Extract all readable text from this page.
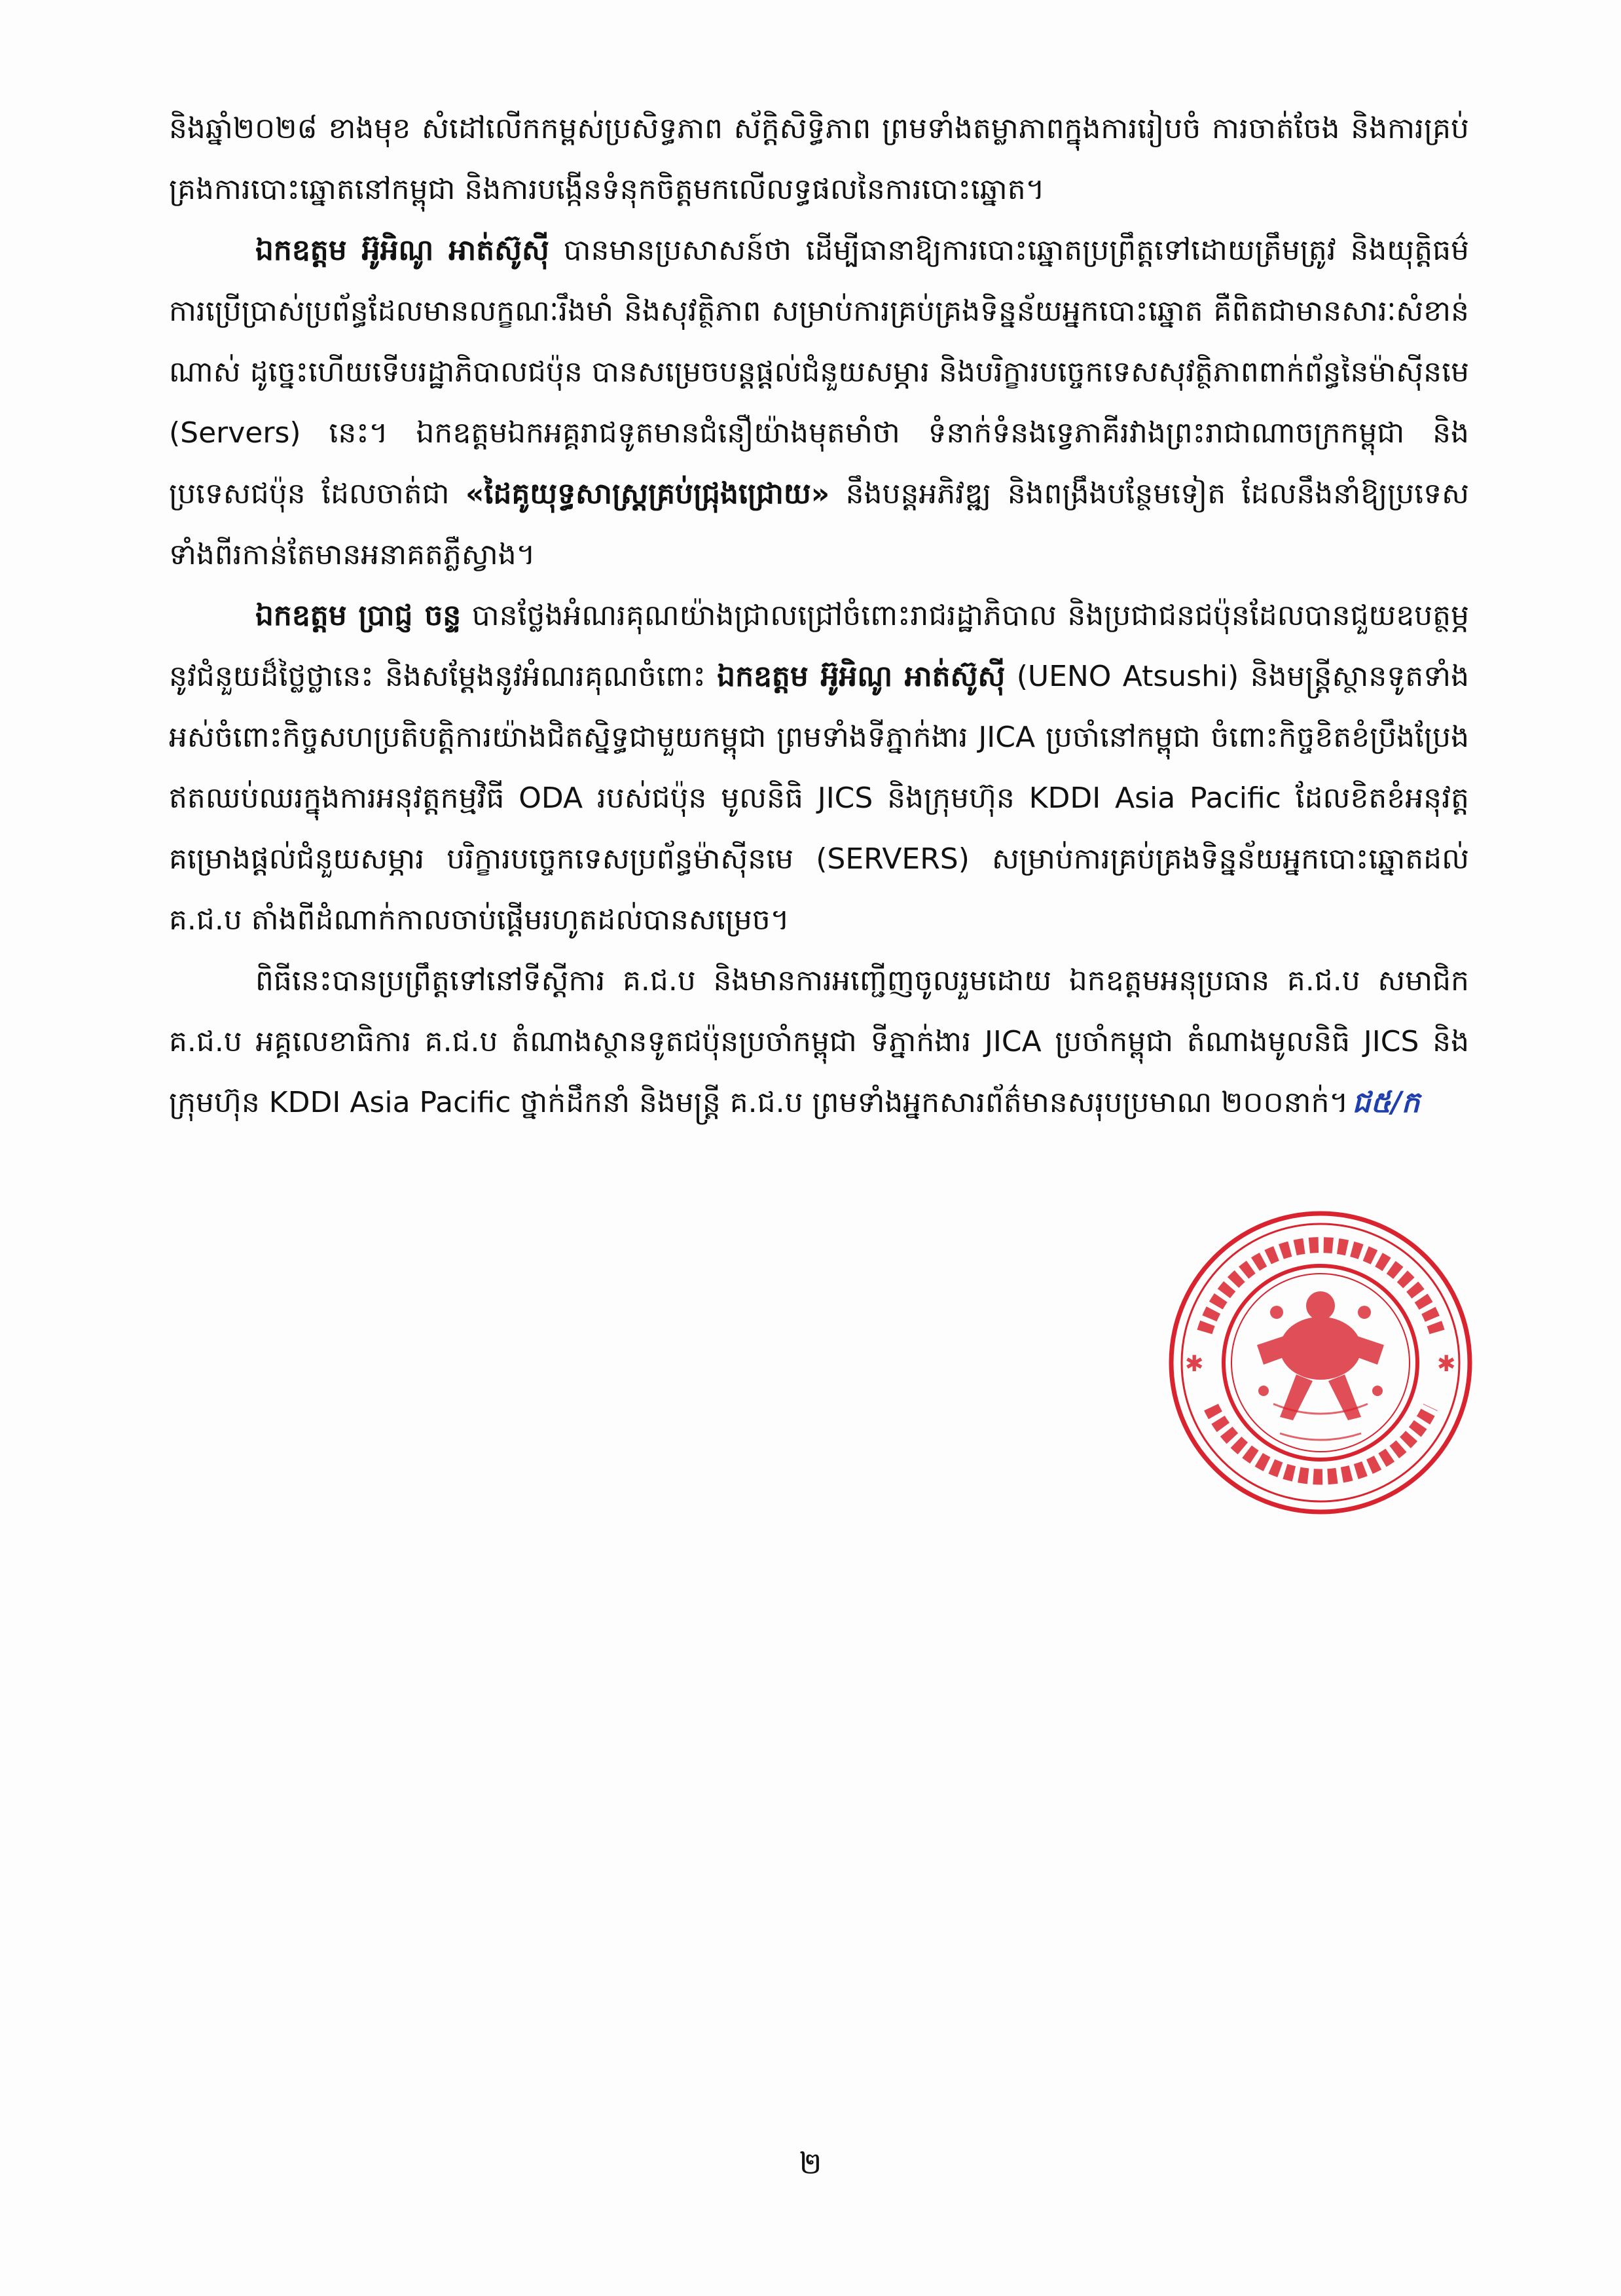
និងឆ្នាំ២០២៨ ខាងមុខ សំដៅលើកកម្ពស់ប្រសិទ្ធភាព ស័ក្តិសិទ្ធិភាព ព្រមទាំងតម្លាភាពក្នុងការរៀបចំ ការចាត់ចែង និងការគ្រប់គ្រងការបោះឆ្នោតនៅកម្ពុជា និងការបង្កើនទំនុកចិត្តមកលើលទ្ធផលនៃការបោះឆ្នោត។

ឯកឧត្តម អ៊ូអិណូ អាត់ស៊ូស៊ី បានមានប្រសាសន៍ថា ដើម្បីធានាឱ្យការបោះឆ្នោតប្រព្រឹត្តទៅដោយត្រឹមត្រូវ និងយុត្តិធម៌ ការប្រើប្រាស់ប្រព័ន្ធដែលមានលក្ខណៈរឹងមាំ និងសុវត្ថិភាព សម្រាប់ការគ្រប់គ្រងទិន្នន័យអ្នកបោះឆ្នោត គឺពិតជាមានសារៈសំខាន់ណាស់ ដូច្នេះហើយទើបរដ្ឋាភិបាលជប៉ុន បានសម្រេចបន្តផ្តល់ជំនួយសម្ភារ និងបរិក្ខារបច្ចេកទេសសុវត្ថិភាពពាក់ព័ន្ធនៃម៉ាស៊ីនមេ (Servers) នេះ។ ឯកឧត្តមឯកអគ្គរាជទូតមានជំនឿយ៉ាងមុតមាំថា ទំនាក់ទំនងទ្វេភាគីរវាងព្រះរាជាណាចក្រកម្ពុជា និងប្រទេសជប៉ុន ដែលចាត់ជា «ដៃគូយុទ្ធសាស្ត្រគ្រប់ជ្រុងជ្រោយ» នឹងបន្តអភិវឌ្ឍ និងពង្រឹងបន្ថែមទៀត ដែលនឹងនាំឱ្យប្រទេសទាំងពីរកាន់តែមានអនាគតភ្លឺស្វាង។

ឯកឧត្តម ប្រាជ្ញ ចន្ទ បានថ្លែងអំណរគុណយ៉ាងជ្រាលជ្រៅចំពោះរាជរដ្ឋាភិបាល និងប្រជាជនជប៉ុនដែលបានជួយឧបត្ថម្ភនូវជំនួយដ៏ថ្លៃថ្លានេះ និងសម្តែងនូវអំណរគុណចំពោះ ឯកឧត្តម អ៊ូអិណូ អាត់ស៊ូស៊ី (UENO Atsushi) និងមន្ត្រីស្ថានទូតទាំងអស់ចំពោះកិច្ចសហប្រតិបត្តិការយ៉ាងជិតស្និទ្ធជាមួយកម្ពុជា ព្រមទាំងទីភ្នាក់ងារ JICA ប្រចាំនៅកម្ពុជា ចំពោះកិច្ចខិតខំប្រឹងប្រែងឥតឈប់ឈរក្នុងការអនុវត្តកម្មវិធី ODA របស់ជប៉ុន មូលនិធិ JICS និងក្រុមហ៊ុន KDDI Asia Pacific ដែលខិតខំអនុវត្តគម្រោងផ្តល់ជំនួយសម្ភារ បរិក្ខារបច្ចេកទេសប្រព័ន្ធម៉ាស៊ីនមេ (SERVERS) សម្រាប់ការគ្រប់គ្រងទិន្នន័យអ្នកបោះឆ្នោតដល់ គ.ជ.ប តាំងពីដំណាក់កាលចាប់ផ្តើមរហូតដល់បានសម្រេច។

ពិធីនេះបានប្រព្រឹត្តទៅនៅទីស្តីការ គ.ជ.ប និងមានការអញ្ជើញចូលរួមដោយ ឯកឧត្តមអនុប្រធាន គ.ជ.ប សមាជិក គ.ជ.ប អគ្គលេខាធិការ គ.ជ.ប តំណាងស្ថានទូតជប៉ុនប្រចាំកម្ពុជា ទីភ្នាក់ងារ JICA ប្រចាំកម្ពុជា តំណាងមូលនិធិ JICS និងក្រុមហ៊ុន KDDI Asia Pacific ថ្នាក់ដឹកនាំ និងមន្ត្រី គ.ជ.ប ព្រមទាំងអ្នកសារព័ត៌មានសរុបប្រមាណ ២០០នាក់។ ជ៥/ក

✱	✱
២
